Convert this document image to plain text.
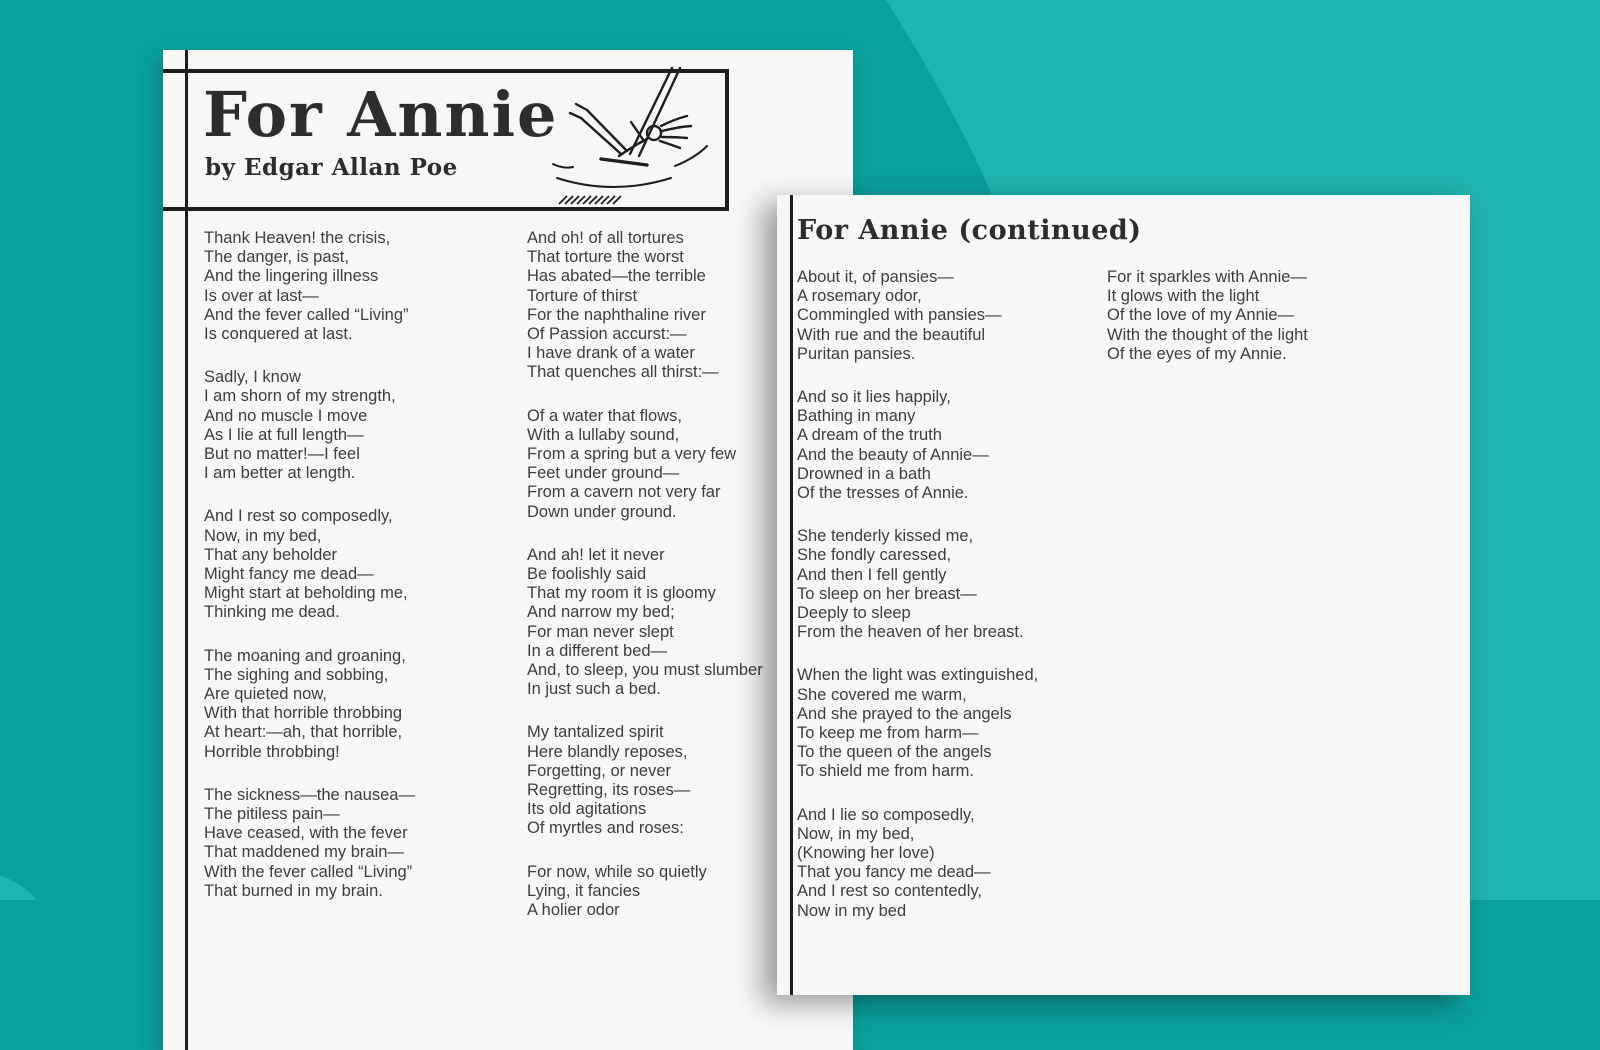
For Annie
by Edgar Allan Poe
Thank Heaven! the crisis,
The danger, is past,
And the lingering illness
Is over at last—
And the fever called “Living”
Is conquered at last.
Sadly, I know
I am shorn of my strength,
And no muscle I move
As I lie at full length—
But no matter!—I feel
I am better at length.
And I rest so composedly,
Now, in my bed,
That any beholder
Might fancy me dead—
Might start at beholding me,
Thinking me dead.
The moaning and groaning,
The sighing and sobbing,
Are quieted now,
With that horrible throbbing
At heart:—ah, that horrible,
Horrible throbbing!
The sickness—the nausea—
The pitiless pain—
Have ceased, with the fever
That maddened my brain—
With the fever called “Living”
That burned in my brain.
And oh! of all tortures
That torture the worst
Has abated—the terrible
Torture of thirst
For the naphthaline river
Of Passion accurst:—
I have drank of a water
That quenches all thirst:—
Of a water that flows,
With a lullaby sound,
From a spring but a very few
Feet under ground—
From a cavern not very far
Down under ground.
And ah! let it never
Be foolishly said
That my room it is gloomy
And narrow my bed;
For man never slept
In a different bed—
And, to sleep, you must slumber
In just such a bed.
My tantalized spirit
Here blandly reposes,
Forgetting, or never
Regretting, its roses—
Its old agitations
Of myrtles and roses:
For now, while so quietly
Lying, it fancies
A holier odor
For Annie (continued)
About it, of pansies—
A rosemary odor,
Commingled with pansies—
With rue and the beautiful
Puritan pansies.
And so it lies happily,
Bathing in many
A dream of the truth
And the beauty of Annie—
Drowned in a bath
Of the tresses of Annie.
She tenderly kissed me,
She fondly caressed,
And then I fell gently
To sleep on her breast—
Deeply to sleep
From the heaven of her breast.
When the light was extinguished,
She covered me warm,
And she prayed to the angels
To keep me from harm—
To the queen of the angels
To shield me from harm.
And I lie so composedly,
Now, in my bed,
(Knowing her love)
That you fancy me dead—
And I rest so contentedly,
Now in my bed
For it sparkles with Annie—
It glows with the light
Of the love of my Annie—
With the thought of the light
Of the eyes of my Annie.
